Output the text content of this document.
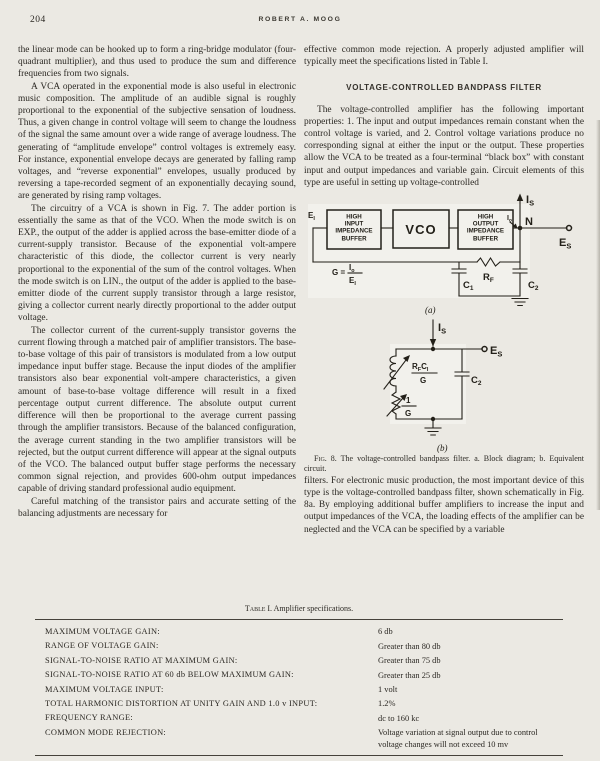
204	ROBERT A. MOOG

the linear mode can be hooked up to form a ring-bridge modulator (four-quadrant multiplier), and thus used to produce the sum and difference frequencies from two signals.

A VCA operated in the exponential mode is also useful in electronic music composition. The amplitude of an audible signal is roughly proportional to the exponential of the subjective sensation of loudness. Thus, a given change in control voltage will seem to change the loudness of the signal the same amount over a wide range of average loudness. The generating of “amplitude envelope” control voltages is extremely easy. For instance, exponential envelope decays are generated by falling ramp voltages, and “reverse exponential” envelopes, usually produced by reversing a tape-recorded segment of an exponentially decaying sound, are generated by rising ramp voltages.

The circuitry of a VCA is shown in Fig. 7. The adder portion is essentially the same as that of the VCO. When the mode switch is on EXP., the output of the adder is applied across the base-emitter diode of a current-supply transistor. Because of the exponential volt-ampere characteristic of this diode, the collector current is very nearly proportional to the exponential of the sum of the control voltages. When the mode switch is on LIN., the output of the adder is applied to the base-emitter diode of the current supply transistor through a large resistor, giving a collector current nearly directly proportional to the adder output voltage.

The collector current of the current-supply transistor governs the current flowing through a matched pair of amplifier transistors. The base-to-base voltage of this pair of transistors is modulated from a low output impedance input buffer stage. Because the input diodes of the amplifier transistors also bear exponential volt-ampere characteristics, a given amount of base-to-base voltage difference will result in a fixed percentage output current difference. The absolute output current difference will then be proportional to the average current passing through the amplifier transistors. Because of the balanced configuration, the average current standing in the two amplifier transistors will be rejected, but the output current difference will appear at the signal outputs of the VCO. The balanced output buffer stage performs the necessary common signal rejection, and provides 600-ohm output impedances capable of driving standard professional audio equipment.

Careful matching of the transistor pairs and accurate setting of the balancing adjustments are necessary for

effective common mode rejection. A properly adjusted amplifier will typically meet the specifications listed in Table I.

VOLTAGE-CONTROLLED BANDPASS FILTER

The voltage-controlled amplifier has the following important properties: 1. The input and output impedances remain constant when the control voltage is varied, and 2. Control voltage variations produce no corresponding signal at either the input or the output. These properties allow the VCA to be treated as a four-terminal “black box” with constant input and output impedances and variable gain. Circuit elements of this type are useful in setting up voltage-controlled

$E_I$	HIGH
INPUT
IMPEDANCE
BUFFER
VCO
HIGH
OUTPUT
IMPEDANCE
BUFFER
$I_S$
$I_o$ N
$E_S$
$R_F$
$C_1$	$C_2$
G =
$I_o$
$E_I$
(a)
$I_S$
$E_S$
$R_FC_I$
G
1
G
$C_2$
(b)

Fig. 8. The voltage-controlled bandpass filter. a. Block diagram; b. Equivalent circuit.

filters. For electronic music production, the most important device of this type is the voltage-controlled bandpass filter, shown schematically in Fig. 8a. By employing additional buffer amplifiers to increase the input and output impedances of the VCA, the loading effects of the amplifier can be neglected and the VCA can be specified by a variable

Table I. Amplifier specifications.
MAXIMUM VOLTAGE GAIN:	6 db
RANGE OF VOLTAGE GAIN:	Greater than 80 db
SIGNAL-TO-NOISE RATIO AT MAXIMUM GAIN:	Greater than 75 db
SIGNAL-TO-NOISE RATIO AT 60 db BELOW MAXIMUM GAIN:	Greater than 25 db
MAXIMUM VOLTAGE INPUT:	1 volt
TOTAL HARMONIC DISTORTION AT UNITY GAIN AND 1.0 v INPUT:	1.2%
FREQUENCY RANGE:	dc to 160 kc
COMMON MODE REJECTION:	Voltage variation at signal output due to control voltage changes will not exceed 10 mv
